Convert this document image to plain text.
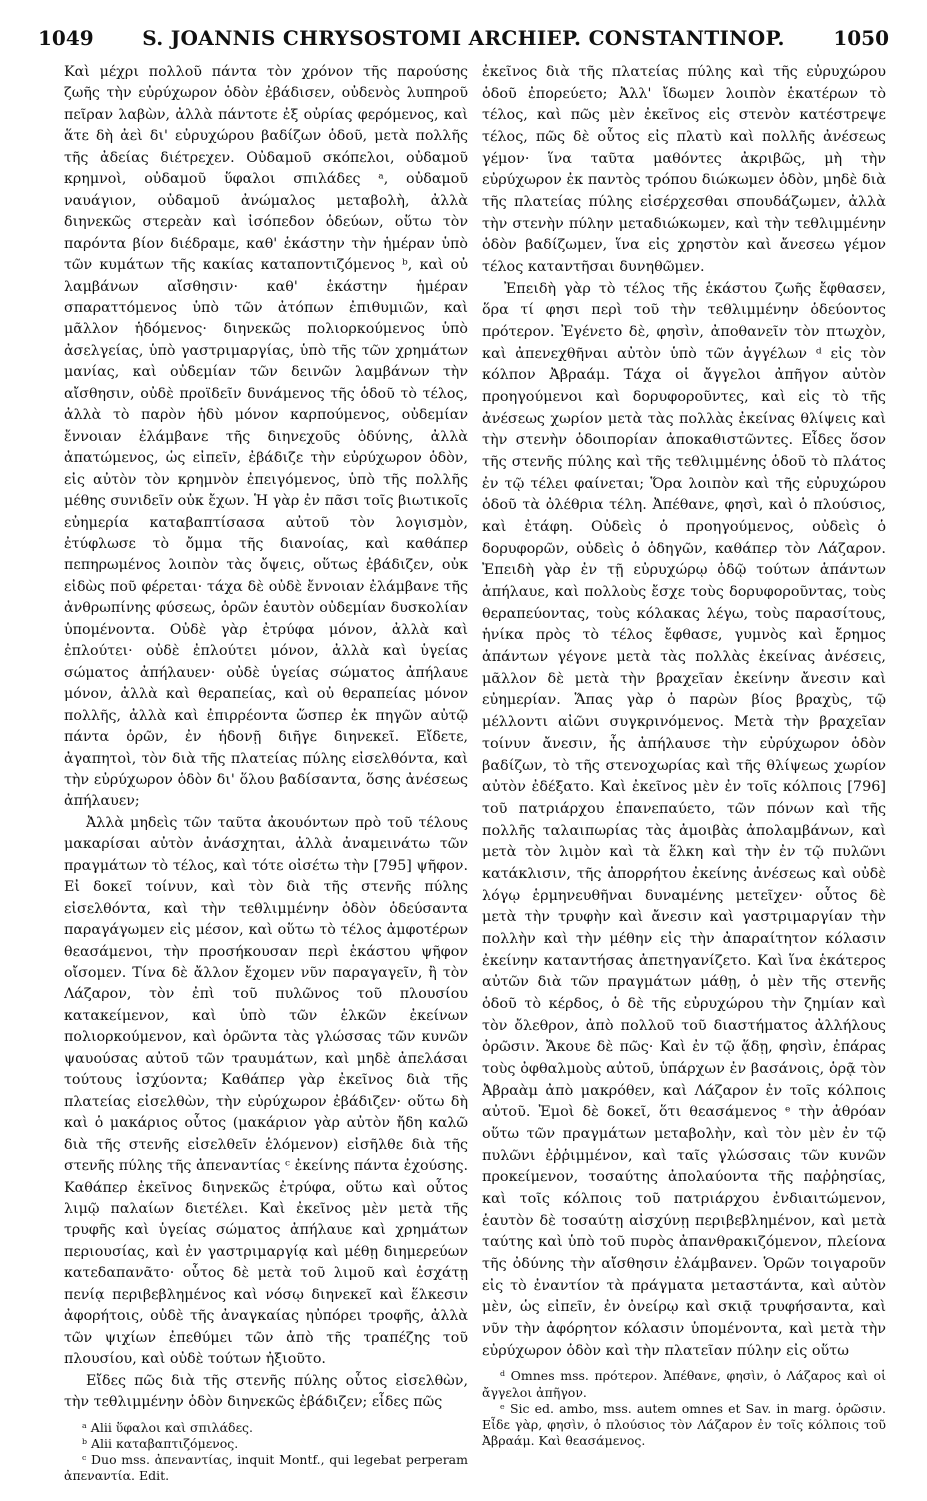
1049	S. JOANNIS CHRYSOSTOMI ARCHIEP. CONSTANTINOP.	1050

Καὶ μέχρι πολλοῦ πάντα τὸν χρόνον τῆς παρούσης ζωῆς τὴν εὐρύχωρον ὁδὸν ἐβάδισεν, οὐδενὸς λυπηροῦ πεῖραν λαβὼν, ἀλλὰ πάντοτε ἐξ οὐρίας φερόμενος, καὶ ἅτε δὴ ἀεὶ δι' εὐρυχώρου βαδίζων ὁδοῦ, μετὰ πολλῆς τῆς ἀδείας διέτρεχεν. Οὐδαμοῦ σκόπελοι, οὐδαμοῦ κρημνοὶ, οὐδαμοῦ ὕφαλοι σπιλάδες ᵃ, οὐδαμοῦ ναυάγιον, οὐδαμοῦ ἀνώμαλος μεταβολὴ, ἀλλὰ διηνεκῶς στερεὰν καὶ ἰσόπεδον ὁδεύων, οὕτω τὸν παρόντα βίον διέδραμε, καθ' ἑκάστην τὴν ἡμέραν ὑπὸ τῶν κυμάτων τῆς κακίας καταποντιζόμενος ᵇ, καὶ οὐ λαμβάνων αἴσθησιν· καθ' ἑκάστην ἡμέραν σπαραττόμενος ὑπὸ τῶν ἀτόπων ἐπιθυμιῶν, καὶ μᾶλλον ἡδόμενος· διηνεκῶς πολιορκούμενος ὑπὸ ἀσελγείας, ὑπὸ γαστριμαργίας, ὑπὸ τῆς τῶν χρημάτων μανίας, καὶ οὐδεμίαν τῶν δεινῶν λαμβάνων τὴν αἴσθησιν, οὐδὲ προϊδεῖν δυνάμενος τῆς ὁδοῦ τὸ τέλος, ἀλλὰ τὸ παρὸν ἡδὺ μόνον καρπούμενος, οὐδεμίαν ἔννοιαν ἐλάμβανε τῆς διηνεχοῦς ὀδύνης, ἀλλὰ ἀπατώμενος, ὡς εἰπεῖν, ἐβάδιζε τὴν εὐρύχωρον ὁδὸν, εἰς αὐτὸν τὸν κρημνὸν ἐπειγόμενος, ὑπὸ τῆς πολλῆς μέθης συνιδεῖν οὐκ ἔχων. Ἡ γὰρ ἐν πᾶσι τοῖς βιωτικοῖς εὐημερία καταβαπτίσασα αὐτοῦ τὸν λογισμὸν, ἐτύφλωσε τὸ ὄμμα τῆς διανοίας, καὶ καθάπερ πεπηρωμένος λοιπὸν τὰς ὄψεις, οὕτως ἐβάδιζεν, οὐκ εἰδὼς ποῦ φέρεται· τάχα δὲ οὐδὲ ἔννοιαν ἐλάμβανε τῆς ἀνθρωπίνης φύσεως, ὁρῶν ἑαυτὸν οὐδεμίαν δυσκολίαν ὑπομένοντα. Οὐδὲ γὰρ ἐτρύφα μόνον, ἀλλὰ καὶ ἐπλούτει· οὐδὲ ἐπλούτει μόνον, ἀλλὰ καὶ ὑγείας σώματος ἀπήλαυεν· οὐδὲ ὑγείας σώματος ἀπήλαυε μόνον, ἀλλὰ καὶ θεραπείας, καὶ οὐ θεραπείας μόνον πολλῆς, ἀλλὰ καὶ ἐπιρρέοντα ὥσπερ ἐκ πηγῶν αὐτῷ πάντα ὁρῶν, ἐν ἡδονῇ διῆγε διηνεκεῖ. Εἴδετε, ἀγαπητοὶ, τὸν διὰ τῆς πλατείας πύλης εἰσελθόντα, καὶ τὴν εὐρύχωρον ὁδὸν δι' ὅλου βαδίσαντα, ὅσης ἀνέσεως ἀπήλαυεν;

Ἀλλὰ μηδεὶς τῶν ταῦτα ἀκουόντων πρὸ τοῦ τέλους μακαρίσαι αὐτὸν ἀνάσχηται, ἀλλὰ ἀναμεινάτω τῶν πραγμάτων τὸ τέλος, καὶ τότε οἰσέτω τὴν [795] ψῆφον. Εἰ δοκεῖ τοίνυν, καὶ τὸν διὰ τῆς στενῆς πύλης εἰσελθόντα, καὶ τὴν τεθλιμμένην ὁδὸν ὁδεύσαντα παραγάγωμεν εἰς μέσον, καὶ οὕτω τὸ τέλος ἀμφοτέρων θεασάμενοι, τὴν προσήκουσαν περὶ ἑκάστου ψῆφον οἴσομεν. Τίνα δὲ ἄλλον ἔχομεν νῦν παραγαγεῖν, ἢ τὸν Λάζαρον, τὸν ἐπὶ τοῦ πυλῶνος τοῦ πλουσίου κατακείμενον, καὶ ὑπὸ τῶν ἑλκῶν ἐκείνων πολιορκούμενον, καὶ ὁρῶντα τὰς γλώσσας τῶν κυνῶν ψαυούσας αὐτοῦ τῶν τραυμάτων, καὶ μηδὲ ἀπελάσαι τούτους ἰσχύοντα; Καθάπερ γὰρ ἐκεῖνος διὰ τῆς πλατείας εἰσελθὼν, τὴν εὐρύχωρον ἐβάδιζεν· οὕτω δὴ καὶ ὁ μακάριος οὗτος (μακάριον γὰρ αὐτὸν ἤδη καλῶ διὰ τῆς στενῆς εἰσελθεῖν ἑλόμενον) εἰσῆλθε διὰ τῆς στενῆς πύλης τῆς ἀπεναντίας ᶜ ἐκείνης πάντα ἐχούσης. Καθάπερ ἐκεῖνος διηνεκῶς ἐτρύφα, οὕτω καὶ οὗτος λιμῷ παλαίων διετέλει. Καὶ ἐκεῖνος μὲν μετὰ τῆς τρυφῆς καὶ ὑγείας σώματος ἀπήλαυε καὶ χρημάτων περιουσίας, καὶ ἐν γαστριμαργίᾳ καὶ μέθῃ διημερεύων κατεδαπανᾶτο· οὗτος δὲ μετὰ τοῦ λιμοῦ καὶ ἐσχάτῃ πενίᾳ περιβεβλημένος καὶ νόσῳ διηνεκεῖ καὶ ἕλκεσιν ἀφορήτοις, οὐδὲ τῆς ἀναγκαίας ηὐπόρει τροφῆς, ἀλλὰ τῶν ψιχίων ἐπεθύμει τῶν ἀπὸ τῆς τραπέζης τοῦ πλουσίου, καὶ οὐδὲ τούτων ἠξιοῦτο.

Εἴδες πῶς διὰ τῆς στενῆς πύλης οὗτος εἰσελθὼν, τὴν τεθλιμμένην ὁδὸν διηνεκῶς ἐβάδιζεν; εἶδες πῶς

ᵃ Alii ὕφαλοι καὶ σπιλάδες.

ᵇ Alii καταβαπτιζόμενος.

ᶜ Duo mss. ἀπεναντίας, inquit Montf., qui legebat perperam ἀπεναντία. Edit.

ἐκεῖνος διὰ τῆς πλατείας πύλης καὶ τῆς εὐρυχώρου ὁδοῦ ἐπορεύετο; Ἀλλ' ἴδωμεν λοιπὸν ἑκατέρων τὸ τέλος, καὶ πῶς μὲν ἐκεῖνος εἰς στενὸν κατέστρεψε τέλος, πῶς δὲ οὗτος εἰς πλατὺ καὶ πολλῆς ἀνέσεως γέμον· ἵνα ταῦτα μαθόντες ἀκριβῶς, μὴ τὴν εὐρύχωρον ἐκ παντὸς τρόπου διώκωμεν ὁδὸν, μηδὲ διὰ τῆς πλατείας πύλης εἰσέρχεσθαι σπουδάζωμεν, ἀλλὰ τὴν στενὴν πύλην μεταδιώκωμεν, καὶ τὴν τεθλιμμένην ὁδὸν βαδίζωμεν, ἵνα εἰς χρηστὸν καὶ ἄνεσεω γέμον τέλος καταντῆσαι δυνηθῶμεν.

Ἐπειδὴ γὰρ τὸ τέλος τῆς ἑκάστου ζωῆς ἔφθασεν, ὅρα τί φησι περὶ τοῦ τὴν τεθλιμμένην ὁδεύοντος πρότερον. Ἐγένετο δὲ, φησὶν, ἀποθανεῖν τὸν πτωχὸν, καὶ ἀπενεχθῆναι αὐτὸν ὑπὸ τῶν ἀγγέλων ᵈ εἰς τὸν κόλπον Ἀβραάμ. Τάχα οἱ ἄγγελοι ἀπῆγον αὐτὸν προηγούμενοι καὶ δορυφοροῦντες, καὶ εἰς τὸ τῆς ἀνέσεως χωρίον μετὰ τὰς πολλὰς ἐκείνας θλίψεις καὶ τὴν στενὴν ὁδοιπορίαν ἀποκαθιστῶντες. Εἶδες ὅσον τῆς στενῆς πύλης καὶ τῆς τεθλιμμένης ὁδοῦ τὸ πλάτος ἐν τῷ τέλει φαίνεται; Ὅρα λοιπὸν καὶ τῆς εὐρυχώρου ὁδοῦ τὰ ὀλέθρια τέλη. Ἀπέθανε, φησὶ, καὶ ὁ πλούσιος, καὶ ἐτάφη. Οὐδεὶς ὁ προηγούμενος, οὐδεὶς ὁ δορυφορῶν, οὐδεὶς ὁ ὁδηγῶν, καθάπερ τὸν Λάζαρον. Ἐπειδὴ γὰρ ἐν τῇ εὐρυχώρῳ ὁδῷ τούτων ἁπάντων ἀπήλαυε, καὶ πολλοὺς ἔσχε τοὺς δορυφοροῦντας, τοὺς θεραπεύοντας, τοὺς κόλακας λέγω, τοὺς παρασίτους, ἡνίκα πρὸς τὸ τέλος ἔφθασε, γυμνὸς καὶ ἔρημος ἁπάντων γέγονε μετὰ τὰς πολλὰς ἐκείνας ἀνέσεις, μᾶλλον δὲ μετὰ τὴν βραχεῖαν ἐκείνην ἄνεσιν καὶ εὐημερίαν. Ἅπας γὰρ ὁ παρὼν βίος βραχὺς, τῷ μέλλοντι αἰῶνι συγκρινόμενος. Μετὰ τὴν βραχεῖαν τοίνυν ἄνεσιν, ἧς ἀπήλαυσε τὴν εὐρύχωρον ὁδὸν βαδίζων, τὸ τῆς στενοχωρίας καὶ τῆς θλίψεως χωρίον αὐτὸν ἐδέξατο. Καὶ ἐκεῖνος μὲν ἐν τοῖς κόλποις [796] τοῦ πατριάρχου ἐπανεπαύετο, τῶν πόνων καὶ τῆς πολλῆς ταλαιπωρίας τὰς ἀμοιβὰς ἀπολαμβάνων, καὶ μετὰ τὸν λιμὸν καὶ τὰ ἕλκη καὶ τὴν ἐν τῷ πυλῶνι κατάκλισιν, τῆς ἀπορρήτου ἐκείνης ἀνέσεως καὶ οὐδὲ λόγῳ ἑρμηνευθῆναι δυναμένης μετεῖχεν· οὗτος δὲ μετὰ τὴν τρυφὴν καὶ ἄνεσιν καὶ γαστριμαργίαν τὴν πολλὴν καὶ τὴν μέθην εἰς τὴν ἀπαραίτητον κόλασιν ἐκείνην καταντήσας ἀπετηγανίζετο. Καὶ ἵνα ἑκάτερος αὐτῶν διὰ τῶν πραγμάτων μάθῃ, ὁ μὲν τῆς στενῆς ὁδοῦ τὸ κέρδος, ὁ δὲ τῆς εὐρυχώρου τὴν ζημίαν καὶ τὸν ὄλεθρον, ἀπὸ πολλοῦ τοῦ διαστήματος ἀλλήλους ὁρῶσιν. Ἄκουε δὲ πῶς· Καὶ ἐν τῷ ᾅδῃ, φησὶν, ἐπάρας τοὺς ὀφθαλμοὺς αὐτοῦ, ὑπάρχων ἐν βασάνοις, ὁρᾷ τὸν Ἀβραὰμ ἀπὸ μακρόθεν, καὶ Λάζαρον ἐν τοῖς κόλποις αὐτοῦ. Ἐμοὶ δὲ δοκεῖ, ὅτι θεασάμενος ᵉ τὴν ἀθρόαν οὕτω τῶν πραγμάτων μεταβολὴν, καὶ τὸν μὲν ἐν τῷ πυλῶνι ἐῤῥιμμένον, καὶ ταῖς γλώσσαις τῶν κυνῶν προκείμενον, τοσαύτης ἀπολαύοντα τῆς παῤῥησίας, καὶ τοῖς κόλποις τοῦ πατριάρχου ἐνδιαιτώμενον, ἑαυτὸν δὲ τοσαύτῃ αἰσχύνῃ περιβεβλημένον, καὶ μετὰ ταύτης καὶ ὑπὸ τοῦ πυρὸς ἀπανθρακιζόμενον, πλείονα τῆς ὀδύνης τὴν αἴσθησιν ἐλάμβανεν. Ὁρῶν τοιγαροῦν εἰς τὸ ἐναντίον τὰ πράγματα μεταστάντα, καὶ αὐτὸν μὲν, ὡς εἰπεῖν, ἐν ὀνείρῳ καὶ σκιᾷ τρυφήσαντα, καὶ νῦν τὴν ἀφόρητον κόλασιν ὑπομένοντα, καὶ μετὰ τὴν εὐρύχωρον ὁδὸν καὶ τὴν πλατεῖαν πύλην εἰς οὕτω

ᵈ Omnes mss. πρότερον. Ἀπέθανε, φησὶν, ὁ Λάζαρος καὶ οἱ ἄγγελοι ἀπῆγον.

ᵉ Sic ed. ambo, mss. autem omnes et Sav. in marg. ὁρῶσιν. Εἶδε γὰρ, φησὶν, ὁ πλούσιος τὸν Λάζαρον ἐν τοῖς κόλποις τοῦ Ἀβραάμ. Καὶ θεασάμενος.
